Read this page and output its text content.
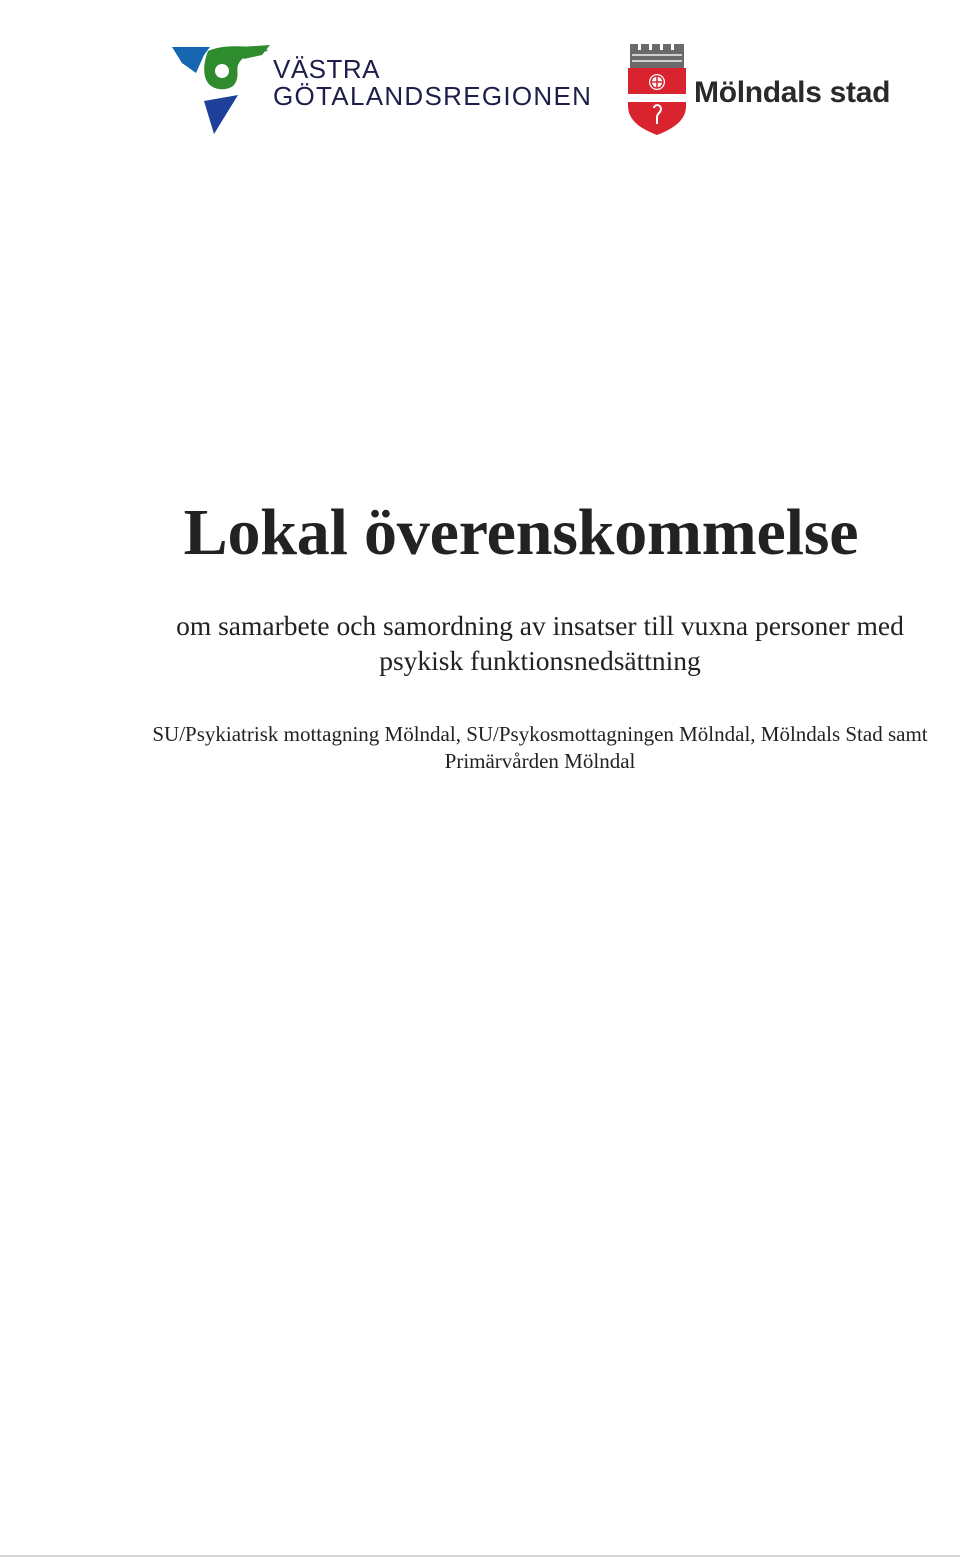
VÄSTRA
GÖTALANDSREGIONEN	Mölndals stad
Lokal överenskommelse

om samarbete och samordning av insatser till vuxna personer med
psykisk funktionsnedsättning

SU/Psykiatrisk mottagning Mölndal, SU/Psykosmottagningen Mölndal, Mölndals Stad samt
Primärvården Mölndal
